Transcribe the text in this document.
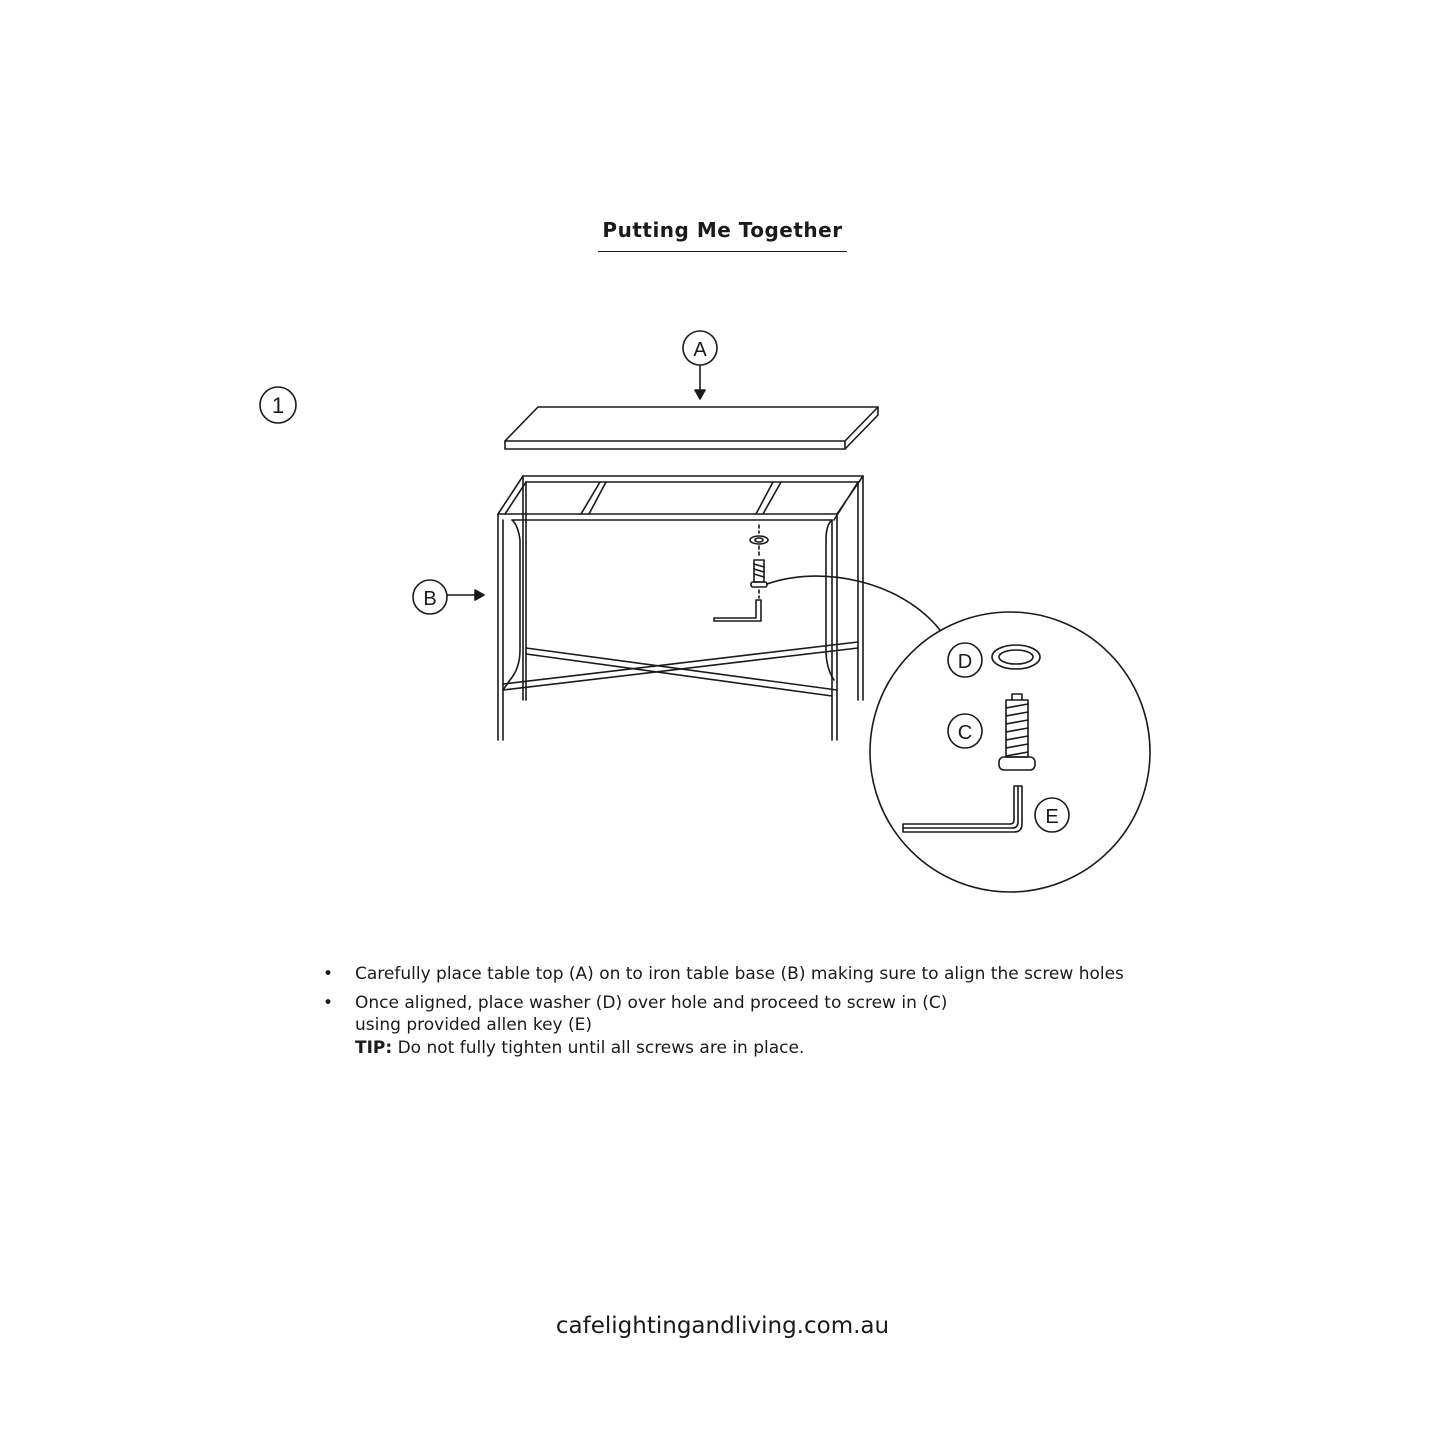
Putting Me Together
1
A
B
D
C
E
• Carefully place table top (A) on to iron table base (B) making sure to align the screw holes
• Once aligned, place washer (D) over hole and proceed to screw in (C)
using provided allen key (E)
TIP: Do not fully tighten until all screws are in place.
cafelightingandliving.com.au
